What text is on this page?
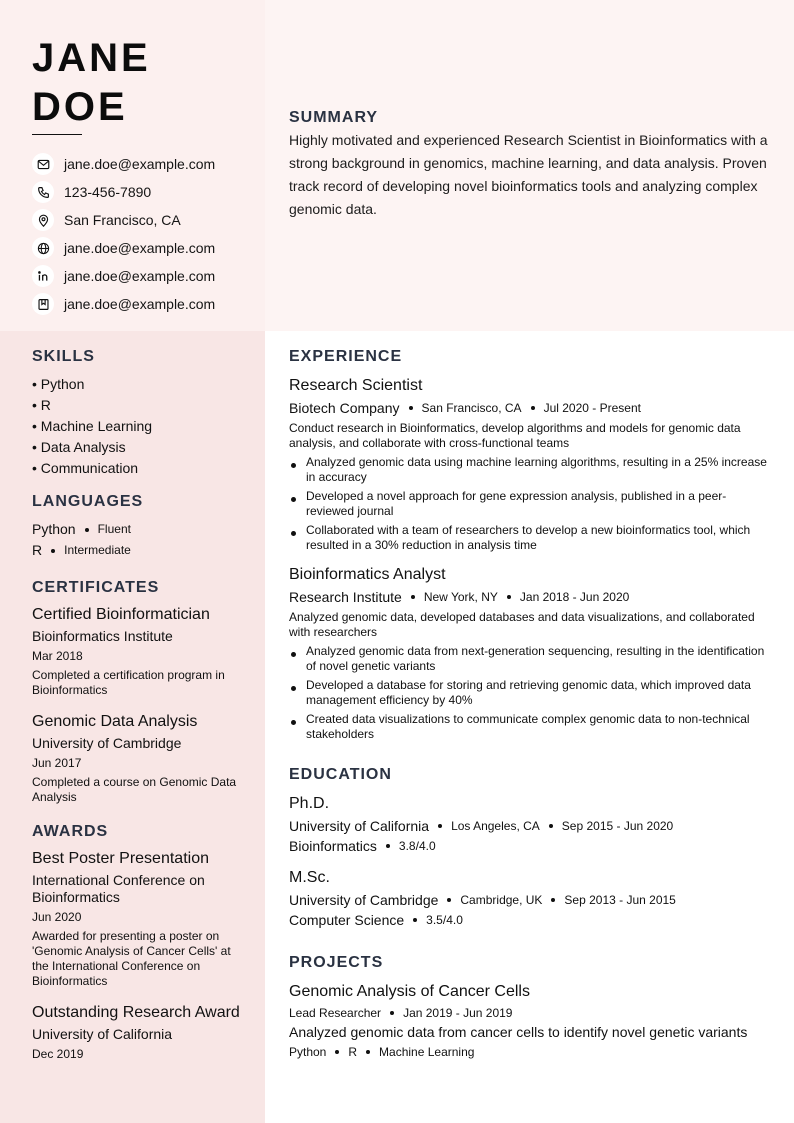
JANE
DOE
jane.doe@example.com
123-456-7890
San Francisco, CA
jane.doe@example.com
jane.doe@example.com
jane.doe@example.com
SUMMARY

Highly motivated and experienced Research Scientist in Bioinformatics with a strong background in genomics, machine learning, and data analysis. Proven track record of developing novel bioinformatics tools and analyzing complex genomic data.

SKILLS
• Python
• R
• Machine Learning
• Data Analysis
• Communication
LANGUAGES
Python Fluent
R Intermediate
CERTIFICATES
Certified Bioinformatician
Bioinformatics Institute
Mar 2018
Completed a certification program in Bioinformatics
Genomic Data Analysis
University of Cambridge
Jun 2017
Completed a course on Genomic Data Analysis
AWARDS
Best Poster Presentation
International Conference on Bioinformatics
Jun 2020
Awarded for presenting a poster on 'Genomic Analysis of Cancer Cells' at the International Conference on Bioinformatics
Outstanding Research Award
University of California
Dec 2019
EXPERIENCE
Research Scientist
Biotech Company San Francisco, CA Jul 2020 - Present
Conduct research in Bioinformatics, develop algorithms and models for genomic data analysis, and collaborate with cross-functional teams
Analyzed genomic data using machine learning algorithms, resulting in a 25% increase in accuracy
Developed a novel approach for gene expression analysis, published in a peer-reviewed journal
Collaborated with a team of researchers to develop a new bioinformatics tool, which resulted in a 30% reduction in analysis time
Bioinformatics Analyst
Research Institute New York, NY Jan 2018 - Jun 2020
Analyzed genomic data, developed databases and data visualizations, and collaborated with researchers
Analyzed genomic data from next-generation sequencing, resulting in the identification of novel genetic variants
Developed a database for storing and retrieving genomic data, which improved data management efficiency by 40%
Created data visualizations to communicate complex genomic data to non-technical stakeholders
EDUCATION
Ph.D.
University of California Los Angeles, CA Sep 2015 - Jun 2020
Bioinformatics 3.8/4.0
M.Sc.
University of Cambridge Cambridge, UK Sep 2013 - Jun 2015
Computer Science 3.5/4.0
PROJECTS
Genomic Analysis of Cancer Cells
Lead Researcher Jan 2019 - Jun 2019
Analyzed genomic data from cancer cells to identify novel genetic variants
Python R Machine Learning
